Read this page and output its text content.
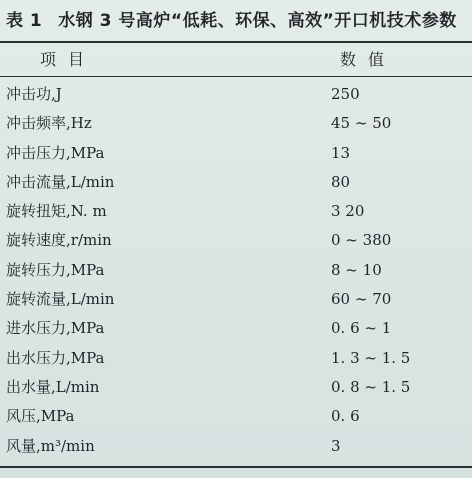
表 1 水钢 3 号高炉“低耗、环保、高效”开口机技术参数
项目	数值
冲击功,J	250
冲击频率,Hz	45 ~ 50
冲击压力,MPa	13
冲击流量,L/min	80
旋转扭矩,N. m	3 20
旋转速度,r/min	0 ~ 380
旋转压力,MPa	8 ~ 10
旋转流量,L/min	60 ~ 70
进水压力,MPa	0. 6 ~ 1
出水压力,MPa	1. 3 ~ 1. 5
出水量,L/min	0. 8 ~ 1. 5
风压,MPa	0. 6
风量,m³/min	3
